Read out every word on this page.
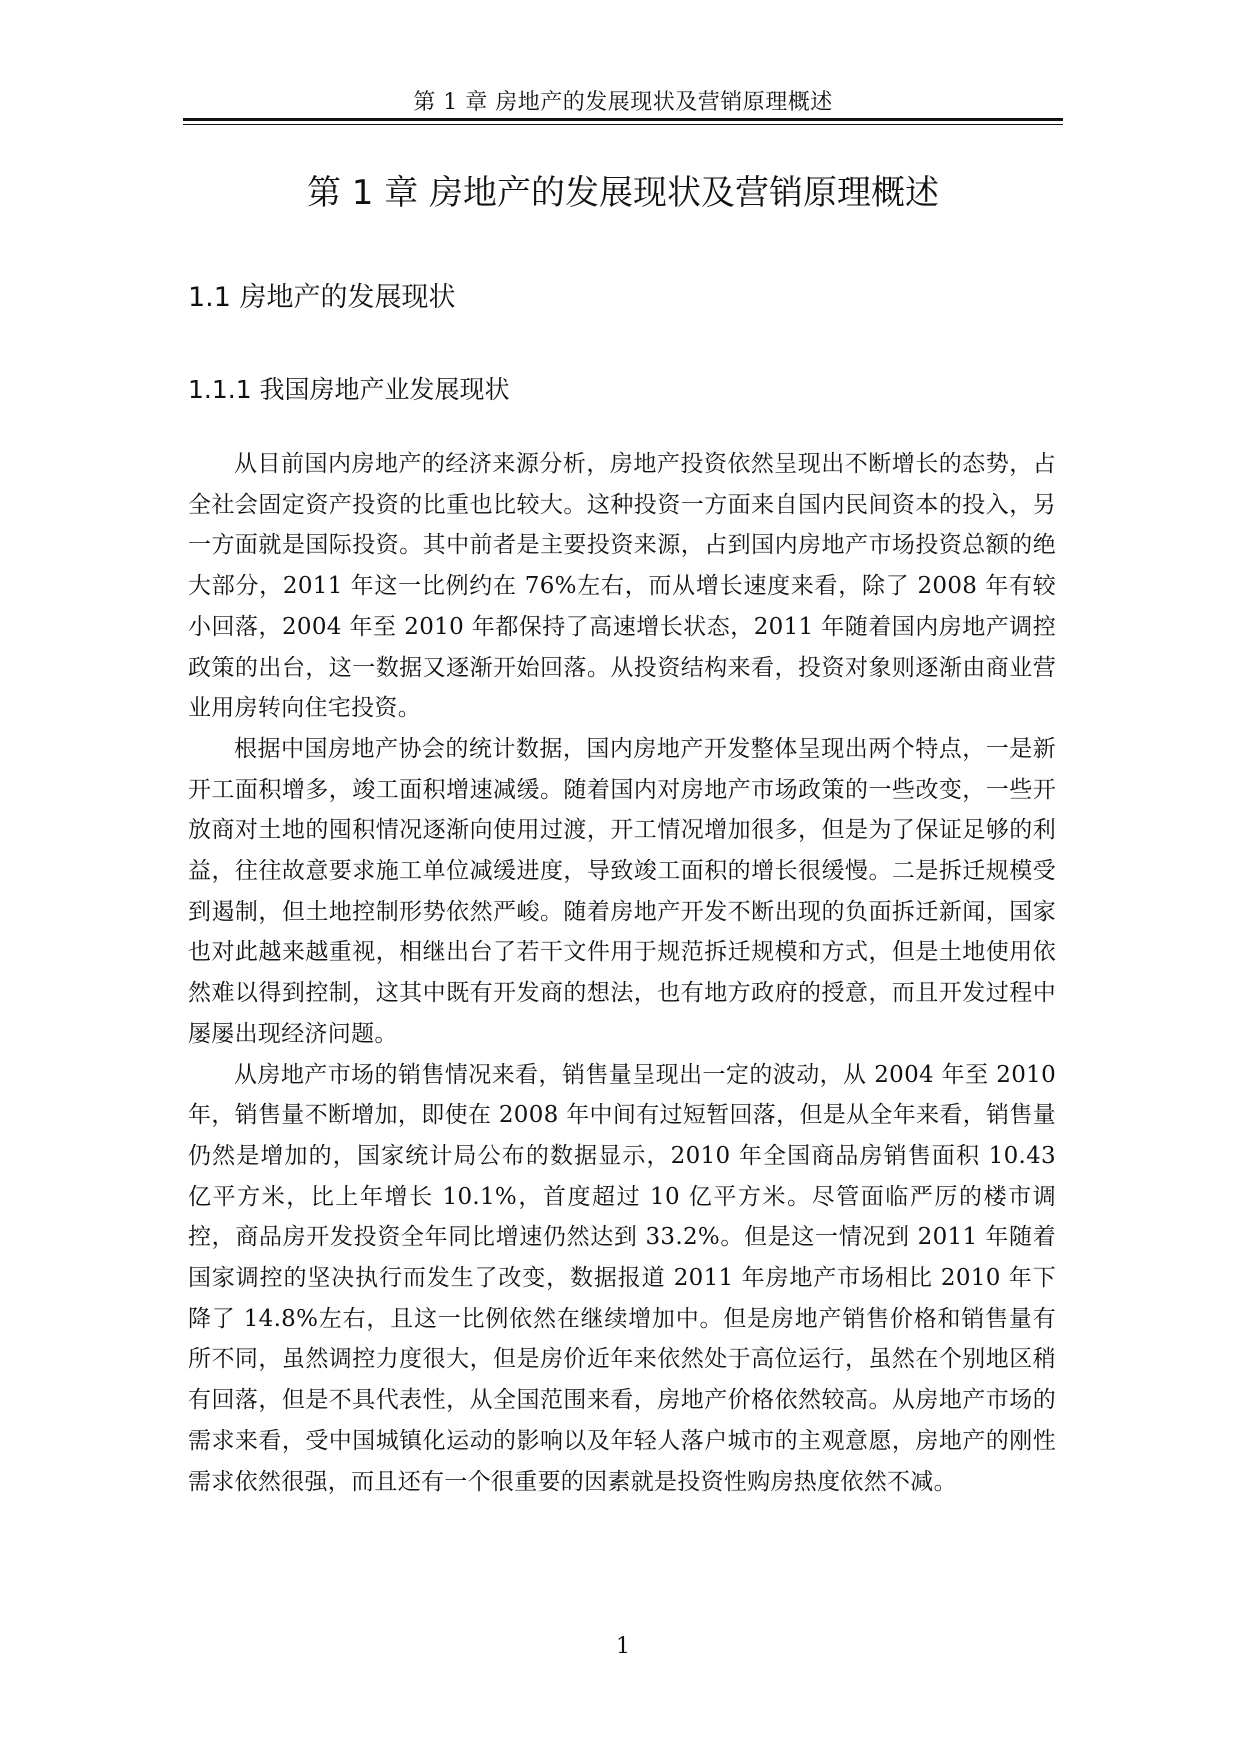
第 1 章 房地产的发展现状及营销原理概述
第 1 章 房地产的发展现状及营销原理概述
1.1 房地产的发展现状
1.1.1 我国房地产业发展现状

从目前国内房地产的经济来源分析，房地产投资依然呈现出不断增长的态势，占全社会固定资产投资的比重也比较大。这种投资一方面来自国内民间资本的投入，另一方面就是国际投资。其中前者是主要投资来源，占到国内房地产市场投资总额的绝大部分，2011 年这一比例约在 76%左右，而从增长速度来看，除了 2008 年有较小回落，2004 年至 2010 年都保持了高速增长状态，2011 年随着国内房地产调控政策的出台，这一数据又逐渐开始回落。从投资结构来看，投资对象则逐渐由商业营业用房转向住宅投资。

根据中国房地产协会的统计数据，国内房地产开发整体呈现出两个特点，一是新开工面积增多，竣工面积增速减缓。随着国内对房地产市场政策的一些改变，一些开放商对土地的囤积情况逐渐向使用过渡，开工情况增加很多，但是为了保证足够的利益，往往故意要求施工单位减缓进度，导致竣工面积的增长很缓慢。二是拆迁规模受到遏制，但土地控制形势依然严峻。随着房地产开发不断出现的负面拆迁新闻，国家也对此越来越重视，相继出台了若干文件用于规范拆迁规模和方式，但是土地使用依然难以得到控制，这其中既有开发商的想法，也有地方政府的授意，而且开发过程中屡屡出现经济问题。

从房地产市场的销售情况来看，销售量呈现出一定的波动，从 2004 年至 2010 年，销售量不断增加，即使在 2008 年中间有过短暂回落，但是从全年来看，销售量仍然是增加的，国家统计局公布的数据显示，2010 年全国商品房销售面积 10.43 亿平方米，比上年增长 10.1%，首度超过 10 亿平方米。尽管面临严厉的楼市调控，商品房开发投资全年同比增速仍然达到 33.2%。但是这一情况到 2011 年随着国家调控的坚决执行而发生了改变，数据报道 2011 年房地产市场相比 2010 年下降了 14.8%左右，且这一比例依然在继续增加中。但是房地产销售价格和销售量有所不同，虽然调控力度很大，但是房价近年来依然处于高位运行，虽然在个别地区稍有回落，但是不具代表性，从全国范围来看，房地产价格依然较高。从房地产市场的需求来看，受中国城镇化运动的影响以及年轻人落户城市的主观意愿，房地产的刚性需求依然很强，而且还有一个很重要的因素就是投资性购房热度依然不减。

1
